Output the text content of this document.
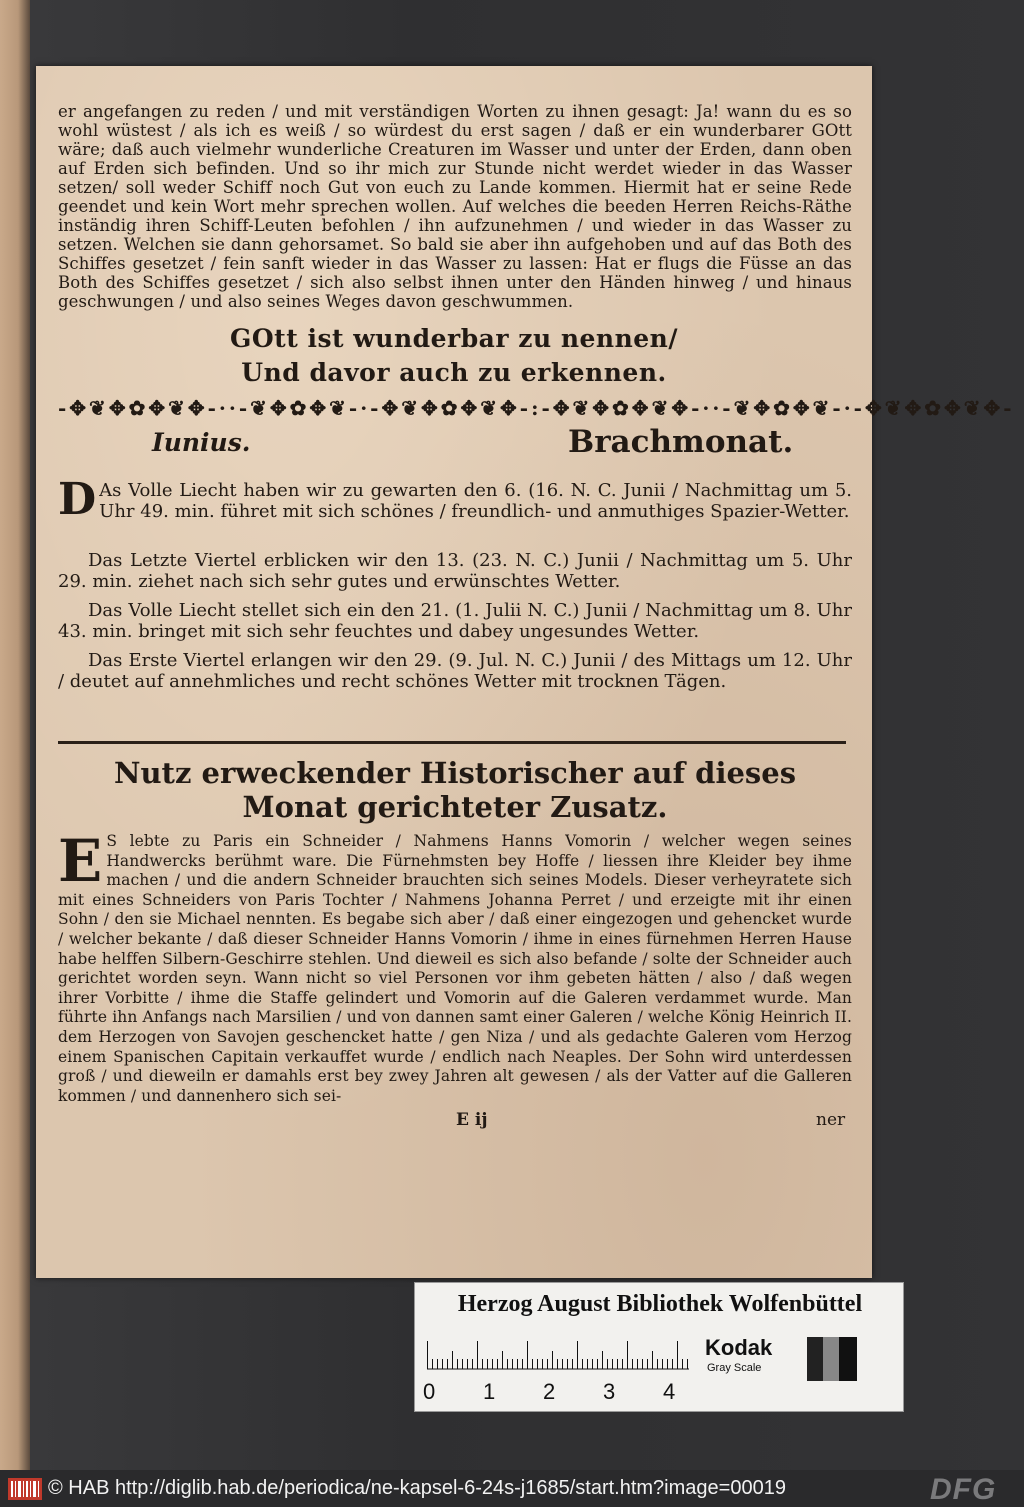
er angefangen zu reden / und mit verständigen Worten zu ihnen gesagt: Ja! wann du es so wohl wüstest / als ich es weiß / so würdest du erst sagen / daß er ein wunderbarer GOtt wäre; daß auch vielmehr wunderliche Creaturen im Wasser und unter der Erden, dann oben auf Erden sich befinden. Und so ihr mich zur Stunde nicht werdet wieder in das Wasser setzen/ soll weder Schiff noch Gut von euch zu Lande kommen. Hiermit hat er seine Rede geendet und kein Wort mehr sprechen wollen. Auf welches die beeden Herren Reichs-Räthe inständig ihren Schiff-Leuten befohlen / ihn aufzunehmen / und wieder in das Wasser zu setzen. Welchen sie dann gehorsamet. So bald sie aber ihn aufgehoben und auf das Both des Schiffes gesetzet / fein sanft wieder in das Wasser zu lassen: Hat er flugs die Füsse an das Both des Schiffes gesetzet / sich also selbst ihnen unter den Händen hinweg / und hinaus geschwungen / und also seines Weges davon geschwummen.
GOtt ist wunderbar zu nennen/
Und davor auch zu erkennen.
-✥❦✥✿✥❦✥-··-❦✥✿✥❦-·-✥❦✥✿✥❦✥-:-✥❦✥✿✥❦✥-··-❦✥✿✥❦-·-✥❦✥✿✥❦✥-
Iunius.	Brachmonat.
D As Volle Liecht haben wir zu gewarten den 6. (16. N. C. Junii / Nachmittag um 5. Uhr 49. min. führet mit sich schönes / freundlich- und anmuthiges Spazier-Wetter.
Das Letzte Viertel erblicken wir den 13. (23. N. C.) Junii / Nachmittag um 5. Uhr 29. min. ziehet nach sich sehr gutes und erwünschtes Wetter.
Das Volle Liecht stellet sich ein den 21. (1. Julii N. C.) Junii / Nachmittag um 8. Uhr 43. min. bringet mit sich sehr feuchtes und dabey ungesundes Wetter.
Das Erste Viertel erlangen wir den 29. (9. Jul. N. C.) Junii / des Mittags um 12. Uhr / deutet auf annehmliches und recht schönes Wetter mit trocknen Tägen.
Nutz erweckender Historischer auf dieses Monat gerichteter Zusatz.
E S lebte zu Paris ein Schneider / Nahmens Hanns Vomorin / welcher wegen seines Handwercks berühmt ware. Die Fürnehmsten bey Hoffe / liessen ihre Kleider bey ihme machen / und die andern Schneider brauchten sich seines Models. Dieser verheyratete sich mit eines Schneiders von Paris Tochter / Nahmens Johanna Perret / und erzeigte mit ihr einen Sohn / den sie Michael nennten. Es begabe sich aber / daß einer eingezogen und gehencket wurde / welcher bekante / daß dieser Schneider Hanns Vomorin / ihme in eines fürnehmen Herren Hause habe helffen Silbern-Geschirre stehlen. Und dieweil es sich also befande / solte der Schneider auch gerichtet worden seyn. Wann nicht so viel Personen vor ihm gebeten hätten / also / daß wegen ihrer Vorbitte / ihme die Staffe gelindert und Vomorin auf die Galeren verdammet wurde. Man führte ihn Anfangs nach Marsilien / und von dannen samt einer Galeren / welche König Heinrich II. dem Herzogen von Savojen geschencket hatte / gen Niza / und als gedachte Galeren vom Herzog einem Spanischen Capitain verkauffet wurde / endlich nach Neaples. Der Sohn wird unterdessen groß / und dieweiln er damahls erst bey zwey Jahren alt gewesen / als der Vatter auf die Galleren kommen / und dannenhero sich sei-
E ij	ner
Herzog August Bibliothek Wolfenbüttel
0 1 2 3 4
Kodak
Gray Scale
© HAB http://diglib.hab.de/periodica/ne-kapsel-6-24s-j1685/start.htm?image=00019	DFG
